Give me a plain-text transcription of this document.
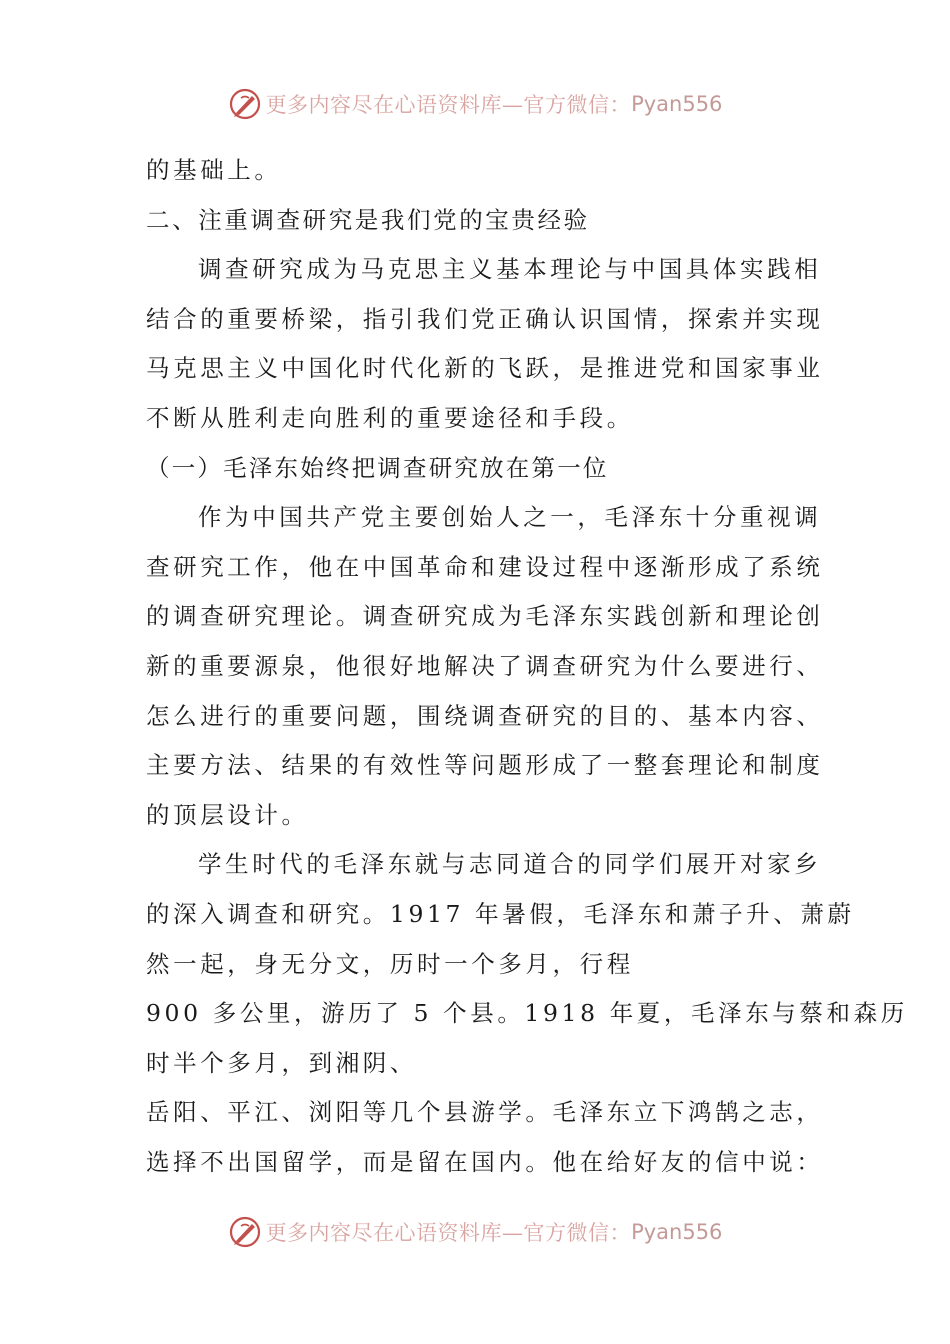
更多内容尽在心语资料库—官方微信： Pyan556
的基础上。
二、注重调查研究是我们党的宝贵经验
调查研究成为马克思主义基本理论与中国具体实践相
结合的重要桥梁，指引我们党正确认识国情，探索并实现
马克思主义中国化时代化新的飞跃，是推进党和国家事业
不断从胜利走向胜利的重要途径和手段。
（一）毛泽东始终把调查研究放在第一位
作为中国共产党主要创始人之一，毛泽东十分重视调
查研究工作，他在中国革命和建设过程中逐渐形成了系统
的调查研究理论。调查研究成为毛泽东实践创新和理论创
新的重要源泉，他很好地解决了调查研究为什么要进行、
怎么进行的重要问题，围绕调查研究的目的、基本内容、
主要方法、结果的有效性等问题形成了一整套理论和制度
的顶层设计。
学生时代的毛泽东就与志同道合的同学们展开对家乡
的深入调查和研究。1917 年暑假，毛泽东和萧子升、萧蔚
然一起，身无分文，历时一个多月，行程
900 多公里，游历了 5 个县。1918 年夏，毛泽东与蔡和森历
时半个多月，到湘阴、
岳阳、平江、浏阳等几个县游学。毛泽东立下鸿鹄之志，
选择不出国留学，而是留在国内。他在给好友的信中说：
更多内容尽在心语资料库—官方微信： Pyan556
